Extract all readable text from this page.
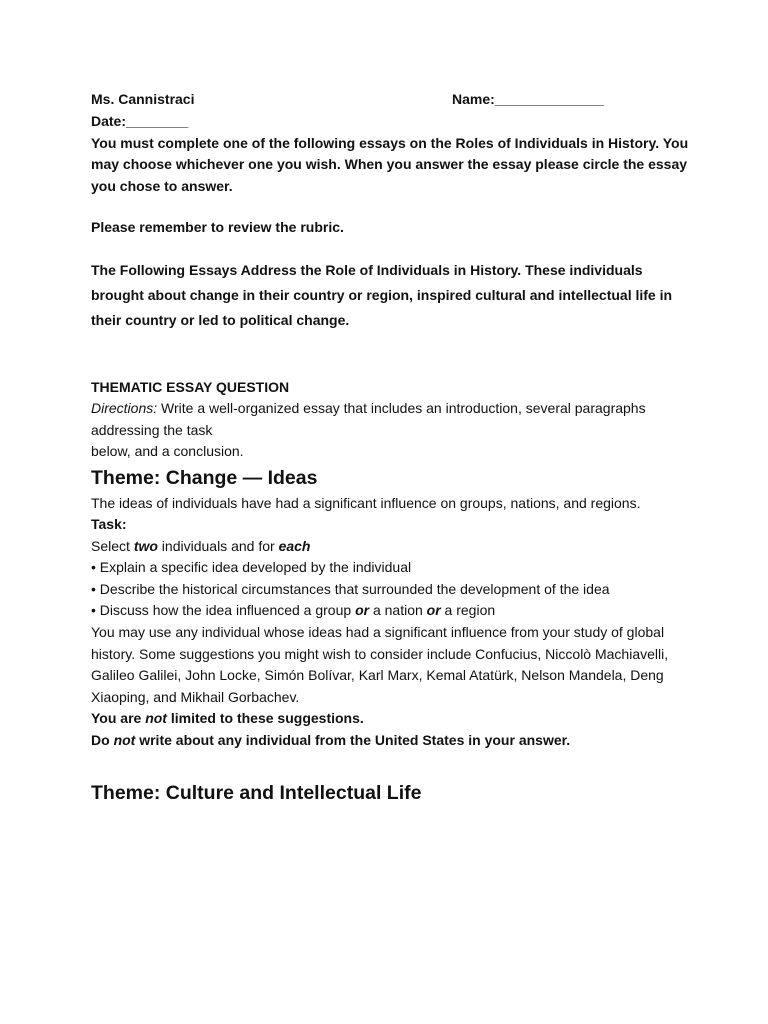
Ms. Cannistraci	Name:______________

Date:________

You must complete one of the following essays on the Roles of Individuals in History. You may choose whichever one you wish. When you answer the essay please circle the essay you chose to answer.

Please remember to review the rubric.

The Following Essays Address the Role of Individuals in History. These individuals brought about change in their country or region, inspired cultural and intellectual life in their country or led to political change.

THEMATIC ESSAY QUESTION

Directions: Write a well-organized essay that includes an introduction, several paragraphs addressing the task

below, and a conclusion.

Theme: Change — Ideas

The ideas of individuals have had a significant influence on groups, nations, and regions.

Task:

Select two individuals and for each

• Explain a specific idea developed by the individual

• Describe the historical circumstances that surrounded the development of the idea

• Discuss how the idea influenced a group or a nation or a region

You may use any individual whose ideas had a significant influence from your study of global history. Some suggestions you might wish to consider include Confucius, Niccolò Machiavelli, Galileo Galilei, John Locke, Simón Bolívar, Karl Marx, Kemal Atatürk, Nelson Mandela, Deng Xiaoping, and Mikhail Gorbachev.

You are not limited to these suggestions.

Do not write about any individual from the United States in your answer.

Theme: Culture and Intellectual Life
